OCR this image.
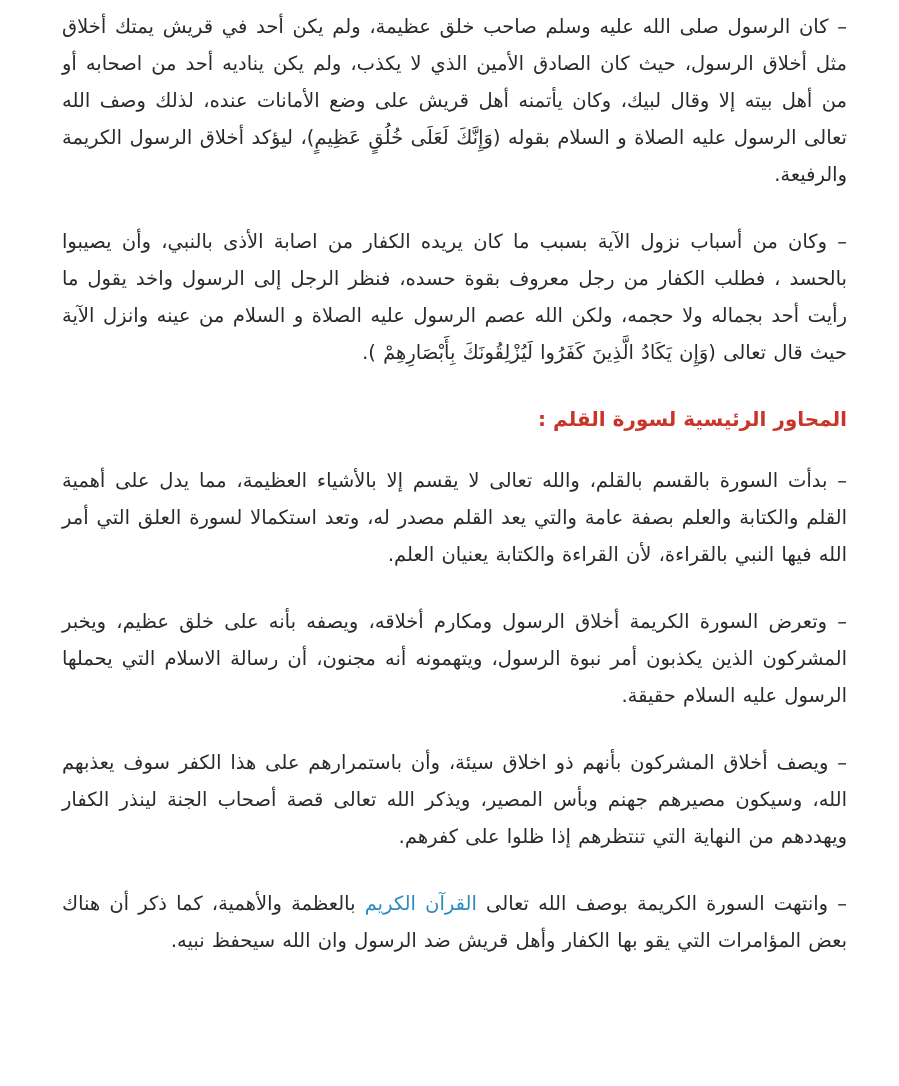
– كان الرسول صلى الله عليه وسلم صاحب خلق عظيمة، ولم يكن أحد في قريش يمتك أخلاق مثل أخلاق الرسول، حيث كان الصادق الأمين الذي لا يكذب، ولم يكن يناديه أحد من اصحابه أو من أهل بيته إلا وقال لبيك، وكان يأتمنه أهل قريش على وضع الأمانات عنده، لذلك وصف الله تعالى الرسول عليه الصلاة و السلام بقوله (وَإِنَّكَ لَعَلَى خُلُقٍ عَظِيمٍ)، ليؤكد أخلاق الرسول الكريمة والرفيعة.

– وكان من أسباب نزول الآية بسبب ما كان يريده الكفار من اصابة الأذى بالنبي، وأن يصيبوا بالحسد ، فطلب الكفار من رجل معروف بقوة حسده، فنظر الرجل إلى الرسول واخد يقول ما رأيت أحد بجماله ولا حجمه، ولكن الله عصم الرسول عليه الصلاة و السلام من عينه وانزل الآية حيث قال تعالى (وَإِن يَكَادُ الَّذِينَ كَفَرُوا لَيُزْلِقُونَكَ بِأَبْصَارِهِمْ ).

المحاور الرئيسية لسورة القلم :

– بدأت السورة بالقسم بالقلم، والله تعالى لا يقسم إلا بالأشياء العظيمة، مما يدل على أهمية القلم والكتابة والعلم بصفة عامة والتي يعد القلم مصدر له، وتعد استكمالا لسورة العلق التي أمر الله فيها النبي بالقراءة، لأن القراءة والكتابة يعنيان العلم.

– وتعرض السورة الكريمة أخلاق الرسول ومكارم أخلاقه، ويصفه بأنه على خلق عظيم، ويخبر المشركون الذين يكذبون أمر نبوة الرسول، ويتهمونه أنه مجنون، أن رسالة الاسلام التي يحملها الرسول عليه السلام حقيقة.

– ويصف أخلاق المشركون بأنهم ذو اخلاق سيئة، وأن باستمرارهم على هذا الكفر سوف يعذبهم الله، وسيكون مصيرهم جهنم وبأس المصير، ويذكر الله تعالى قصة أصحاب الجنة لينذر الكفار ويهددهم من النهاية التي تنتظرهم إذا ظلوا على كفرهم.

– وانتهت السورة الكريمة بوصف الله تعالى القرآن الكريم بالعظمة والأهمية، كما ذكر أن هناك بعض المؤامرات التي يقو بها الكفار وأهل قريش ضد الرسول وان الله سيحفظ نبيه.
